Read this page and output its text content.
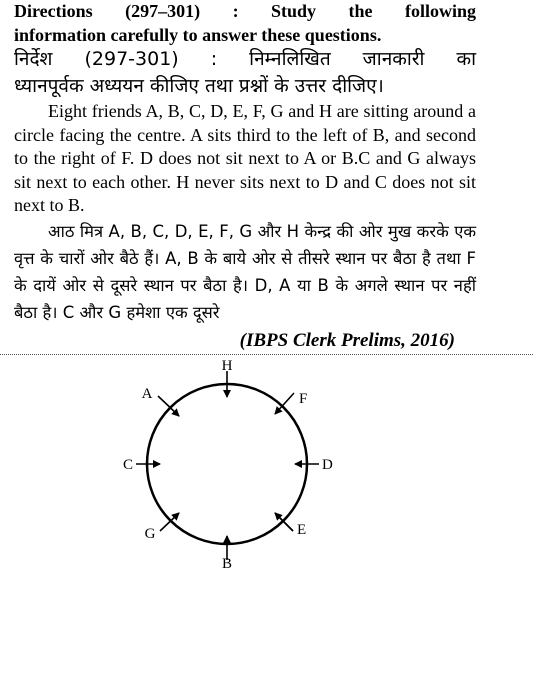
Directions (297–301) : Study the following
information carefully to answer these questions.

निर्देश (297-301) : निम्नलिखित जानकारी का
ध्यानपूर्वक अध्ययन कीजिए तथा प्रश्नों के उत्तर दीजिए।

Eight friends A, B, C, D, E, F, G and H are sitting around a circle facing the centre. A sits third to the left of B, and second to the right of F. D does not sit next to A or B.C and G always sit next to each other. H never sits next to D and C does not sit next to B.

आठ मित्र A, B, C, D, E, F, G और H केन्द्र की ओर मुख करके एक वृत्त के चारों ओर बैठे हैं। A, B के बाये ओर से तीसरे स्थान पर बैठा है तथा F के दायें ओर से दूसरे स्थान पर बैठा है। D, A या B के अगले स्थान पर नहीं बैठा है। C और G हमेशा एक दूसरे

(IBPS Clerk Prelims, 2016)

H
F
D
E
B
G
C
A
